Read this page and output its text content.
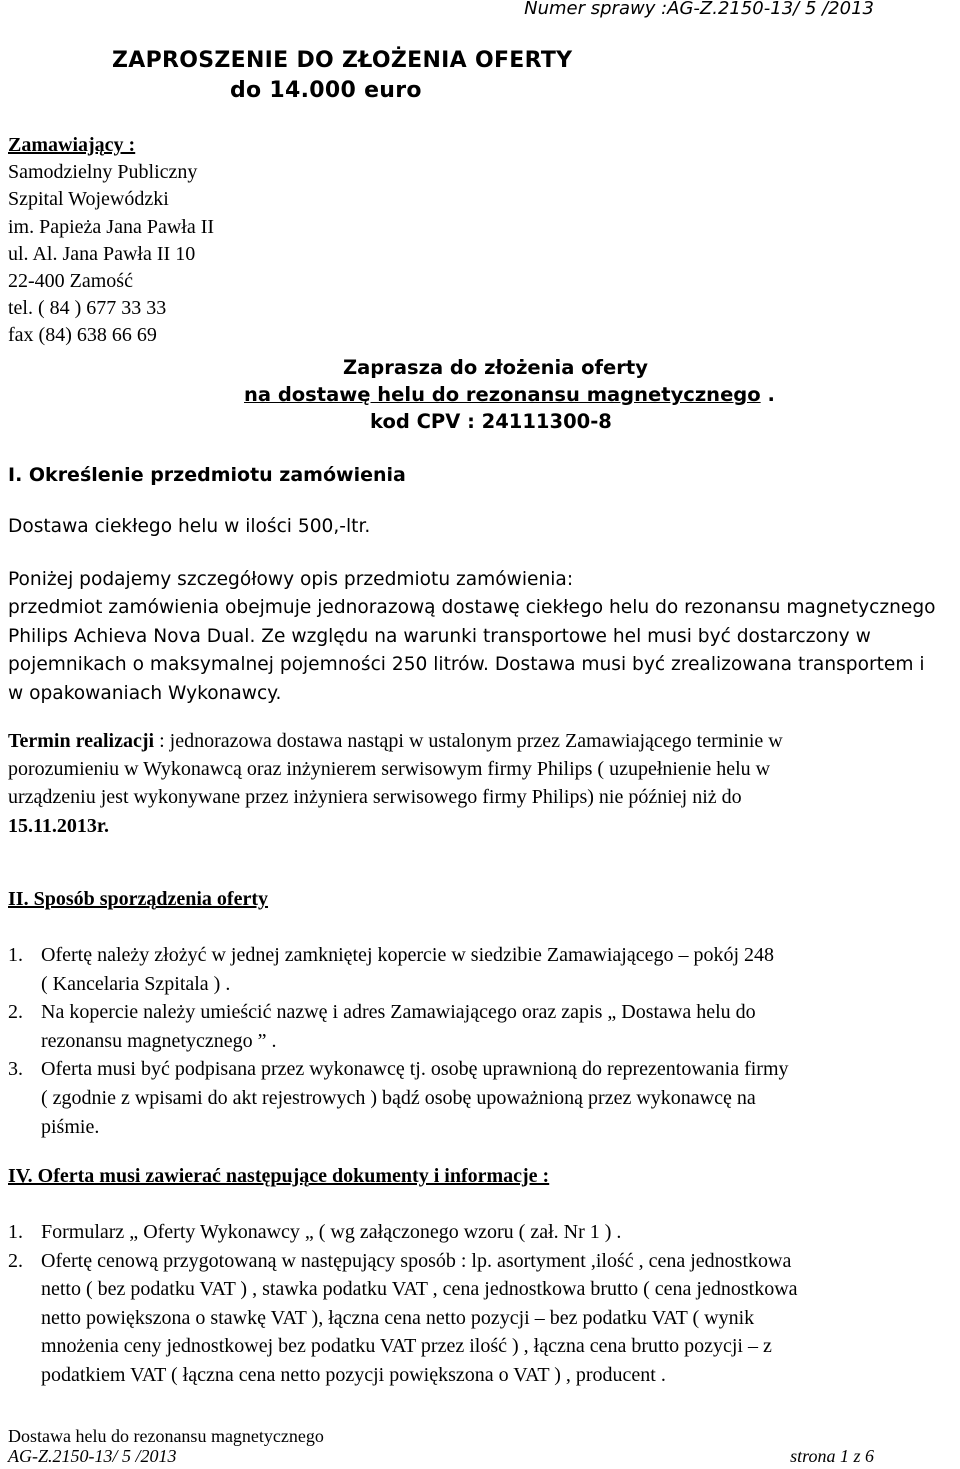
Numer sprawy :AG-Z.2150-13/ 5 /2013
ZAPROSZENIE DO ZŁOŻENIA OFERTY
do 14.000 euro
Zamawiający :
Samodzielny Publiczny
Szpital Wojewódzki
im. Papieża Jana Pawła II
ul. Al. Jana Pawła II 10
22-400 Zamość
tel. ( 84 ) 677 33 33
fax (84) 638 66 69
Zaprasza do złożenia oferty
na dostawę helu do rezonansu magnetycznego .
kod CPV : 24111300-8
I. Określenie przedmiotu zamówienia
Dostawa ciekłego helu w ilości 500,-ltr.
Poniżej podajemy szczegółowy opis przedmiotu zamówienia:
przedmiot zamówienia obejmuje jednorazową dostawę ciekłego helu do rezonansu magnetycznego
Philips Achieva Nova Dual. Ze względu na warunki transportowe hel musi być dostarczony w
pojemnikach o maksymalnej pojemności 250 litrów. Dostawa musi być zrealizowana transportem i
w opakowaniach Wykonawcy.
Termin realizacji : jednorazowa dostawa nastąpi w ustalonym przez Zamawiającego terminie w
porozumieniu w Wykonawcą oraz inżynierem serwisowym firmy Philips ( uzupełnienie helu w
urządzeniu jest wykonywane przez inżyniera serwisowego firmy Philips) nie później niż do
15.11.2013r.
II. Sposób sporządzenia oferty
1. Ofertę należy złożyć w jednej zamkniętej kopercie w siedzibie Zamawiającego – pokój 248
( Kancelaria Szpitala ) .
2. Na kopercie należy umieścić nazwę i adres Zamawiającego oraz zapis „ Dostawa helu do
rezonansu magnetycznego ” .
3. Oferta musi być podpisana przez wykonawcę tj. osobę uprawnioną do reprezentowania firmy
( zgodnie z wpisami do akt rejestrowych ) bądź osobę upoważnioną przez wykonawcę na
piśmie.
IV. Oferta musi zawierać następujące dokumenty i informacje :
1. Formularz „ Oferty Wykonawcy „ ( wg załączonego wzoru ( zał. Nr 1 ) .
2. Ofertę cenową przygotowaną w następujący sposób : lp. asortyment ,ilość , cena jednostkowa
netto ( bez podatku VAT ) , stawka podatku VAT , cena jednostkowa brutto ( cena jednostkowa
netto powiększona o stawkę VAT ), łączna cena netto pozycji – bez podatku VAT ( wynik
mnożenia ceny jednostkowej bez podatku VAT przez ilość ) , łączna cena brutto pozycji – z
podatkiem VAT ( łączna cena netto pozycji powiększona o VAT ) , producent .
Dostawa helu do rezonansu magnetycznego
AG-Z.2150-13/ 5 /2013	strona 1 z 6
